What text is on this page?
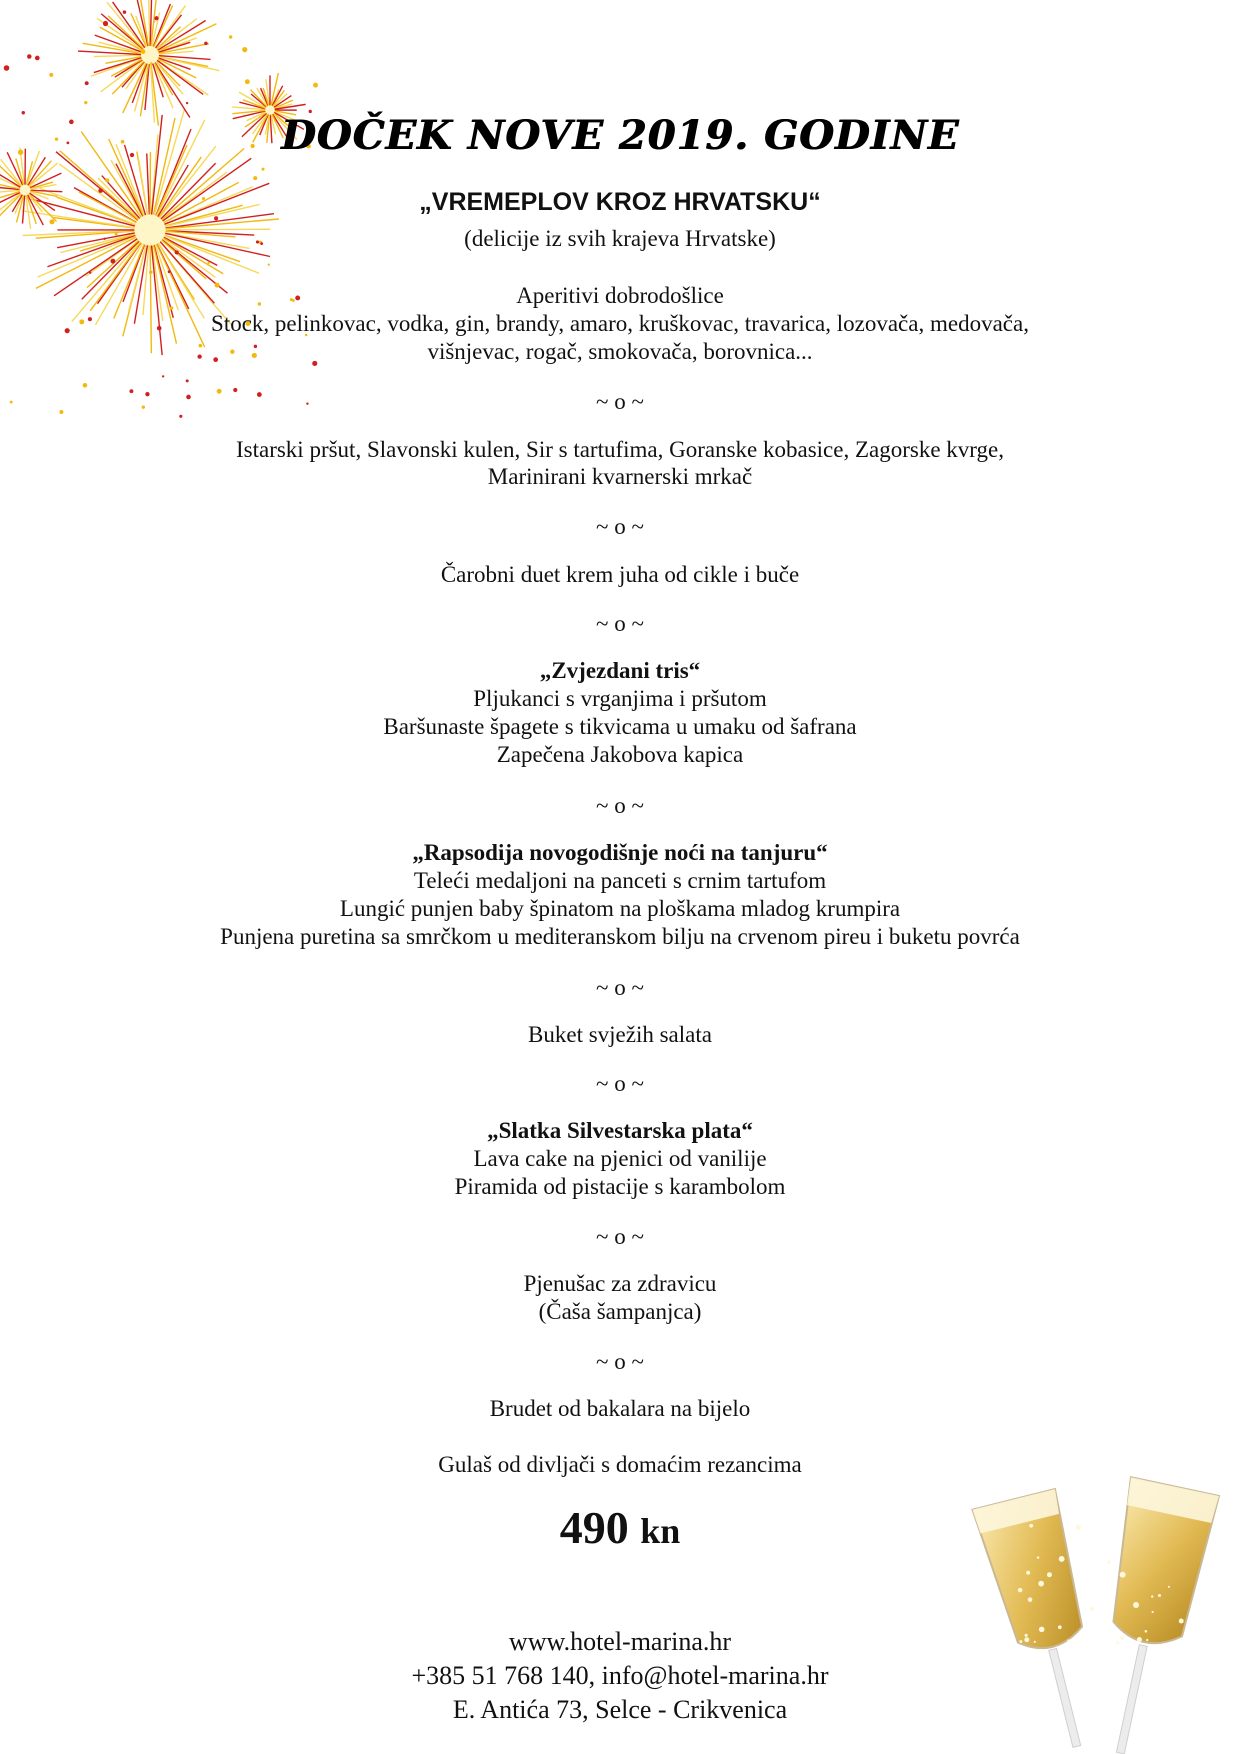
DOČEK NOVE 2019. GODINE
„VREMEPLOV KROZ HRVATSKU“
(delicije iz svih krajeva Hrvatske)
Aperitivi dobrodošlice
Stock, pelinkovac, vodka, gin, brandy, amaro, kruškovac, travarica, lozovača, medovača,
višnjevac, rogač, smokovača, borovnica...
~ o ~
Istarski pršut, Slavonski kulen, Sir s tartufima, Goranske kobasice, Zagorske kvrge,
Marinirani kvarnerski mrkač
~ o ~
Čarobni duet krem juha od cikle i buče
~ o ~
„Zvjezdani tris“
Pljukanci s vrganjima i pršutom
Baršunaste špagete s tikvicama u umaku od šafrana
Zapečena Jakobova kapica
~ o ~
„Rapsodija novogodišnje noći na tanjuru“
Teleći medaljoni na panceti s crnim tartufom
Lungić punjen baby špinatom na ploškama mladog krumpira
Punjena puretina sa smrčkom u mediteranskom bilju na crvenom pireu i buketu povrća
~ o ~
Buket svježih salata
~ o ~
„Slatka Silvestarska plata“
Lava cake na pjenici od vanilije
Piramida od pistacije s karambolom
~ o ~
Pjenušac za zdravicu
(Čaša šampanjca)
~ o ~
Brudet od bakalara na bijelo
Gulaš od divljači s domaćim rezancima
490 kn
www.hotel-marina.hr
+385 51 768 140, info@hotel-marina.hr
E. Antića 73, Selce - Crikvenica
